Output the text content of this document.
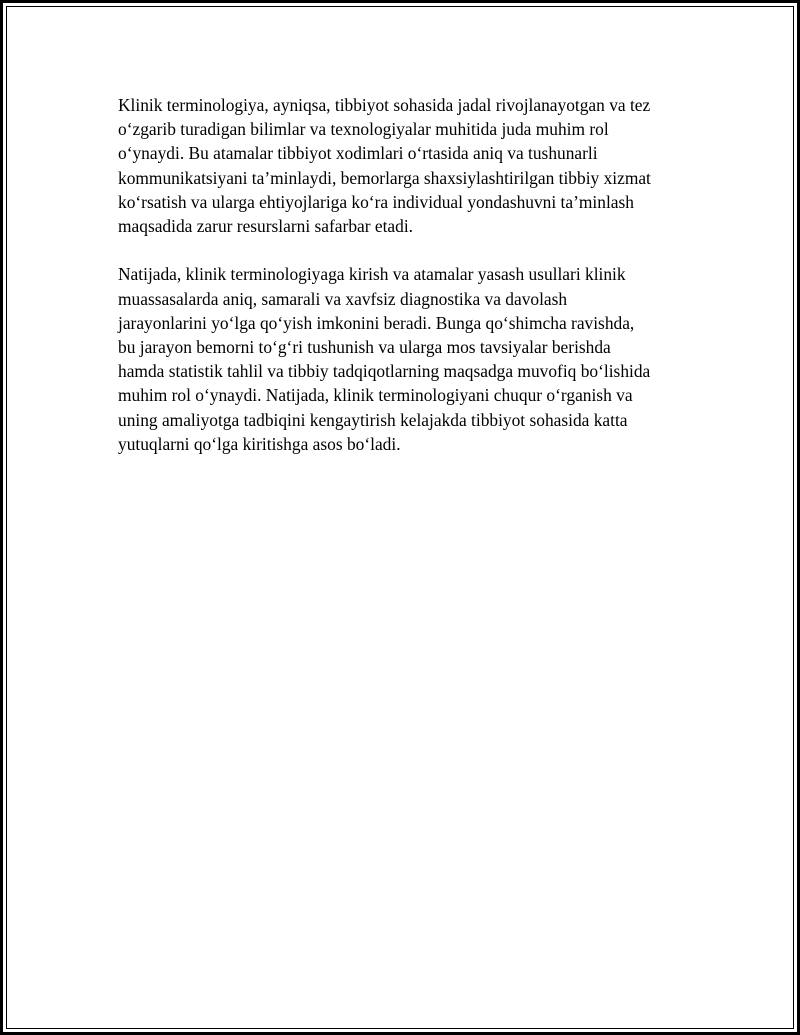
Klinik terminologiya, ayniqsa, tibbiyot sohasida jadal rivojlanayotgan va tez
o‘zgarib turadigan bilimlar va texnologiyalar muhitida juda muhim rol
o‘ynaydi. Bu atamalar tibbiyot xodimlari o‘rtasida aniq va tushunarli
kommunikatsiyani ta’minlaydi, bemorlarga shaxsiylashtirilgan tibbiy xizmat
ko‘rsatish va ularga ehtiyojlariga ko‘ra individual yondashuvni ta’minlash
maqsadida zarur resurslarni safarbar etadi.

Natijada, klinik terminologiyaga kirish va atamalar yasash usullari klinik
muassasalarda aniq, samarali va xavfsiz diagnostika va davolash
jarayonlarini yo‘lga qo‘yish imkonini beradi. Bunga qo‘shimcha ravishda,
bu jarayon bemorni to‘g‘ri tushunish va ularga mos tavsiyalar berishda
hamda statistik tahlil va tibbiy tadqiqotlarning maqsadga muvofiq bo‘lishida
muhim rol o‘ynaydi. Natijada, klinik terminologiyani chuqur o‘rganish va
uning amaliyotga tadbiqini kengaytirish kelajakda tibbiyot sohasida katta
yutuqlarni qo‘lga kiritishga asos bo‘ladi.
